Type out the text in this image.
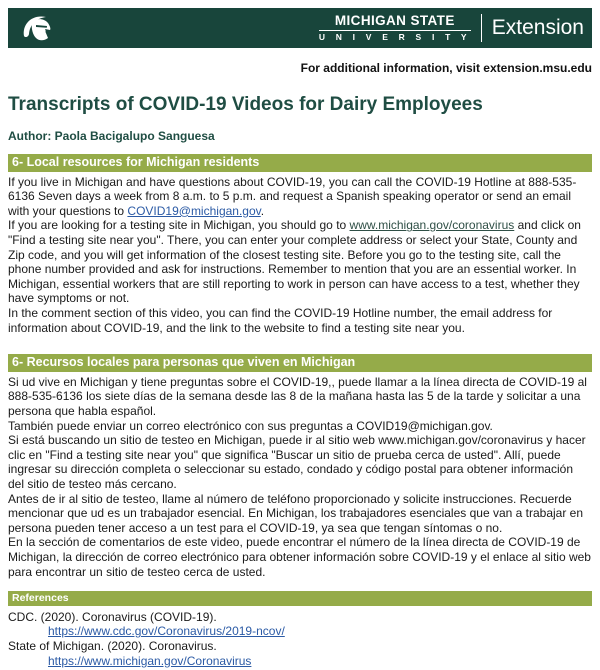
MICHIGAN STATE
U N I V E R S I T Y Extension
For additional information, visit extension.msu.edu
Transcripts of COVID-19 Videos for Dairy Employees
Author: Paola Bacigalupo Sanguesa
6- Local resources for Michigan residents
If you live in Michigan and have questions about COVID-19, you can call the COVID-19 Hotline at 888-535-6136 Seven days a week from 8 a.m. to 5 p.m. and request a Spanish speaking operator or send an email with your questions to COVID19@michigan.gov.
If you are looking for a testing site in Michigan, you should go to www.michigan.gov/coronavirus and click on "Find a testing site near you". There, you can enter your complete address or select your State, County and Zip code, and you will get information of the closest testing site. Before you go to the testing site, call the phone number provided and ask for instructions. Remember to mention that you are an essential worker. In Michigan, essential workers that are still reporting to work in person can have access to a test, whether they have symptoms or not.
In the comment section of this video, you can find the COVID-19 Hotline number, the email address for information about COVID-19, and the link to the website to find a testing site near you.
6- Recursos locales para personas que viven en Michigan
Si ud vive en Michigan y tiene preguntas sobre el COVID-19,, puede llamar a la línea directa de COVID-19 al 888-535-6136 los siete días de la semana desde las 8 de la mañana hasta las 5 de la tarde y solicitar a una persona que habla español.
También puede enviar un correo electrónico con sus preguntas a COVID19@michigan.gov.
Si está buscando un sitio de testeo en Michigan, puede ir al sitio web www.michigan.gov/coronavirus y hacer clic en "Find a testing site near you" que significa "Buscar un sitio de prueba cerca de usted". Allí, puede ingresar su dirección completa o seleccionar su estado, condado y código postal para obtener información del sitio de testeo más cercano.
Antes de ir al sitio de testeo, llame al número de teléfono proporcionado y solicite instrucciones. Recuerde mencionar que ud es un trabajador esencial. En Michigan, los trabajadores esenciales que van a trabajar en persona pueden tener acceso a un test para el COVID-19, ya sea que tengan síntomas o no.
En la sección de comentarios de este video, puede encontrar el número de la línea directa de COVID-19 de Michigan, la dirección de correo electrónico para obtener información sobre COVID-19 y el enlace al sitio web para encontrar un sitio de testeo cerca de usted.
References
CDC. (2020). Coronavirus (COVID-19).
https://www.cdc.gov/Coronavirus/2019-ncov/
State of Michigan. (2020). Coronavirus.
https://www.michigan.gov/Coronavirus
